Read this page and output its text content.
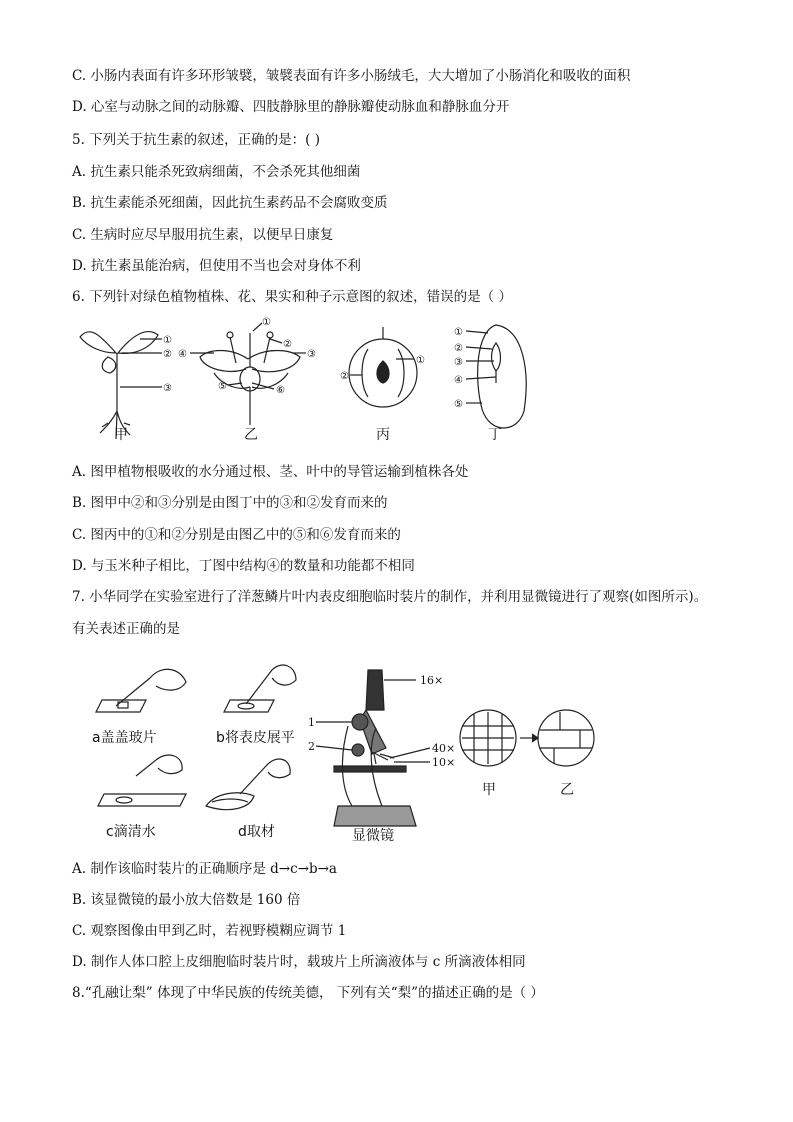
C. 小肠内表面有许多环形皱襞，皱襞表面有许多小肠绒毛，大大增加了小肠消化和吸收的面积
D. 心室与动脉之间的动脉瓣、四肢静脉里的静脉瓣使动脉血和静脉血分开
5. 下列关于抗生素的叙述，正确的是：( )
A. 抗生素只能杀死致病细菌，不会杀死其他细菌
B. 抗生素能杀死细菌，因此抗生素药品不会腐败变质
C. 生病时应尽早服用抗生素，以便早日康复
D. 抗生素虽能治病，但使用不当也会对身体不利
6. 下列针对绿色植物植株、花、果实和种子示意图的叙述，错误的是（ ）
①
②
③
①
②
③
④
⑤	⑥
①
②
①
②
③
④
⑤
甲	乙	丙	丁
A. 图甲植物根吸收的水分通过根、茎、叶中的导管运输到植株各处
B. 图甲中②和③分别是由图丁中的③和②发育而来的
C. 图丙中的①和②分别是由图乙中的⑤和⑥发育而来的
D. 与玉米种子相比，丁图中结构④的数量和功能都不相同
7. 小华同学在实验室进行了洋葱鳞片叶内表皮细胞临时装片的制作，并利用显微镜进行了观察(如图所示)。
有关表述正确的是
16×
1
2	40×
10×
a盖盖玻片	b将表皮展平
c滴清水	d取材	显微镜
甲	乙
A. 制作该临时装片的正确顺序是 d→c→b→a
B. 该显微镜的最小放大倍数是 160 倍
C. 观察图像由甲到乙时，若视野模糊应调节 1
D. 制作人体口腔上皮细胞临时装片时，载玻片上所滴液体与 c 所滴液体相同
8.“孔融让梨” 体现了中华民族的传统美德， 下列有关“梨”的描述正确的是（ ）
